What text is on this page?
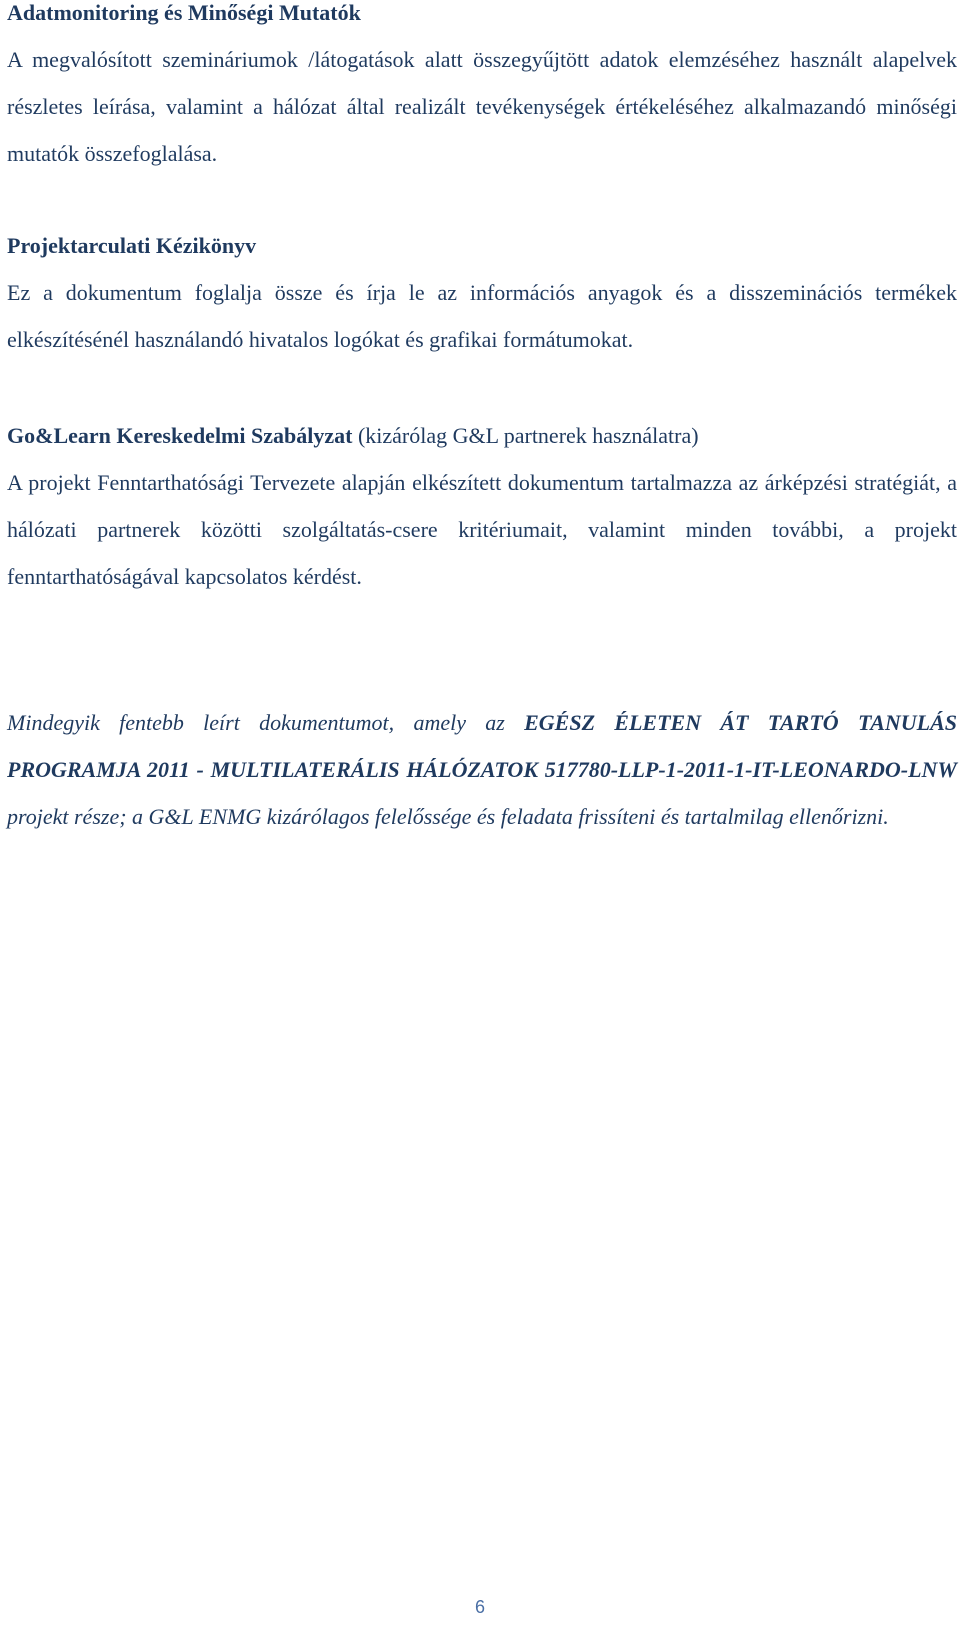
Adatmonitoring és Minőségi Mutatók
A megvalósított szemináriumok /látogatások alatt összegyűjtött adatok elemzéséhez használt alapelvek részletes leírása, valamint a hálózat által realizált tevékenységek értékeléséhez alkalmazandó minőségi mutatók összefoglalása.
Projektarculati Kézikönyv
Ez a dokumentum foglalja össze és írja le az információs anyagok és a disszeminációs termékek elkészítésénél használandó hivatalos logókat és grafikai formátumokat.
Go&Learn Kereskedelmi Szabályzat (kizárólag G&L partnerek használatra)
A projekt Fenntarthatósági Tervezete alapján elkészített dokumentum tartalmazza az árképzési stratégiát, a hálózati partnerek közötti szolgáltatás-csere kritériumait, valamint minden további, a projekt fenntarthatóságával kapcsolatos kérdést.
Mindegyik fentebb leírt dokumentumot, amely az EGÉSZ ÉLETEN ÁT TARTÓ TANULÁS PROGRAMJA 2011 - MULTILATERÁLIS HÁLÓZATOK 517780-LLP-1-2011-1-IT-LEONARDO-LNW projekt része; a G&L ENMG kizárólagos felelőssége és feladata frissíteni és tartalmilag ellenőrizni.
6
